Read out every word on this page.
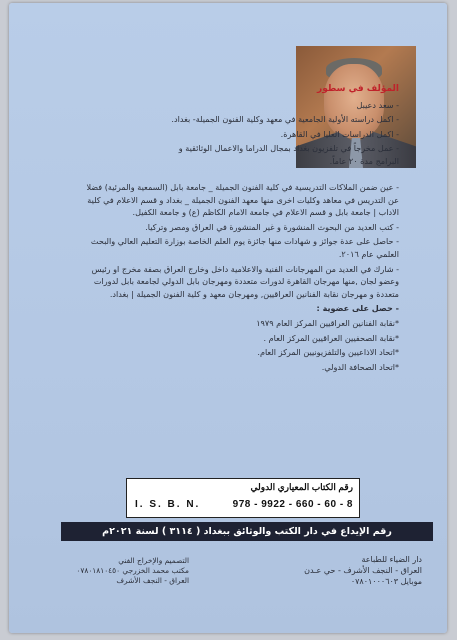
المؤلف في سطور

- سعد دعيبل

- اكمل دراسته الأولية الجامعية في معهد وكلية الفنون الجميلة- بغداد.

- اكمل الدراسات العليا في القاهرة.

- عمل مخرجاً في تلفزيون بغداد بمجال الدراما والاعمال الوثائقية و البرامج مدة ٢٠ عاماً.

- عين ضمن الملاكات التدريسية في كلية الفنون الجميلة _ جامعة بابل (السمعية والمرئية) فضلا عن التدريس في معاهد وكليات اخرى منها معهد الفنون الجميلة _ بغداد و قسم الاعلام في كلية الاداب | جامعة بابل و قسم الاعلام في جامعة الامام الكاظم (ع) و جامعة الكفيل.

- كتب العديد من البحوث المنشورة و غير المنشورة في العراق ومصر وتركيا.

- حاصل على عدة جوائز و شهادات منها جائزة يوم العلم الخاصة بوزارة التعليم العالي والبحث العلمي عام ٢٠١٦.

- شارك في العديد من المهرجانات الفنية والاعلامية داخل وخارج العراق بصفة مخرج او رئيس وعضو لجان ,منها مهرجان القاهرة لدورات متعددة ومهرجان بابل الدولي لجامعة بابل لدورات متعددة و مهرجان نقابة الفنانين العراقيين, ومهرجان معهد و كلية الفنون الجميلة | بغداد.

- حصل على عضوية :

*نقابة الفنانين العراقيين المركز العام ١٩٧٩

*نقابة الصحفيين العراقيين المركز العام .

*اتحاد الاذاعيين والتلفزيونيين المركز العام.

*اتحاد الصحافة الدولي.

رقم الكتاب المعياري الدولي
I. S. B. N.	978 - 9922 - 660 - 60 - 8
رقم الإيداع في دار الكتب والوثائق ببغداد ( ٣١١٤ ) لسنة ٢٠٢١م
التصميم والإخراج الفني
مكتب محمد الخزرجي ٠٧٨٠١٨١٠٤٥٠
العراق - النجف الأشرف
دار الضياء للطباعة
العراق - النجف الأشرف - حي عـدن
موبايل ٠٧٨٠١٠٠٠٦٠٣
